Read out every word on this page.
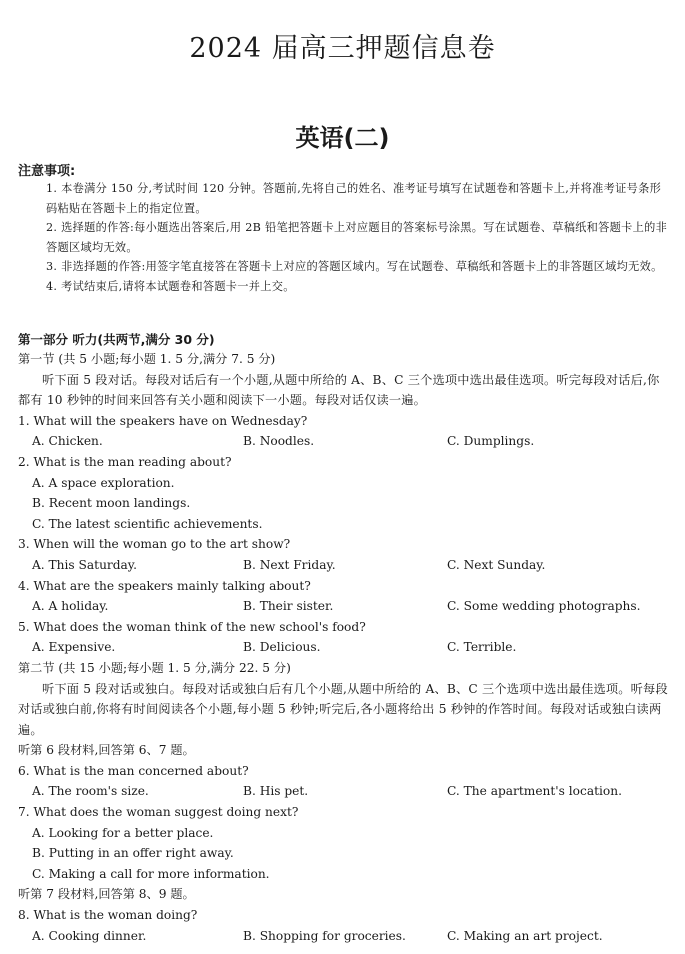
2024 届高三押题信息卷
英语(二)
注意事项:
1. 本卷满分 150 分,考试时间 120 分钟。答题前,先将自己的姓名、准考证号填写在试题卷和答题卡上,并将准考证号条形码粘贴在答题卡上的指定位置。
2. 选择题的作答:每小题选出答案后,用 2B 铅笔把答题卡上对应题目的答案标号涂黑。写在试题卷、草稿纸和答题卡上的非答题区域均无效。
3. 非选择题的作答:用签字笔直接答在答题卡上对应的答题区域内。写在试题卷、草稿纸和答题卡上的非答题区域均无效。
4. 考试结束后,请将本试题卷和答题卡一并上交。
第一部分 听力(共两节,满分 30 分)
第一节 (共 5 小题;每小题 1. 5 分,满分 7. 5 分)
听下面 5 段对话。每段对话后有一个小题,从题中所给的 A、B、C 三个选项中选出最佳选项。听完每段对话后,你都有 10 秒钟的时间来回答有关小题和阅读下一小题。每段对话仅读一遍。
1. What will the speakers have on Wednesday?
A. Chicken.	B. Noodles.	C. Dumplings.
2. What is the man reading about?
A. A space exploration.
B. Recent moon landings.
C. The latest scientific achievements.
3. When will the woman go to the art show?
A. This Saturday.	B. Next Friday.	C. Next Sunday.
4. What are the speakers mainly talking about?
A. A holiday.	B. Their sister.	C. Some wedding photographs.
5. What does the woman think of the new school's food?
A. Expensive.	B. Delicious.	C. Terrible.
第二节 (共 15 小题;每小题 1. 5 分,满分 22. 5 分)
听下面 5 段对话或独白。每段对话或独白后有几个小题,从题中所给的 A、B、C 三个选项中选出最佳选项。听每段对话或独白前,你将有时间阅读各个小题,每小题 5 秒钟;听完后,各小题将给出 5 秒钟的作答时间。每段对话或独白读两遍。
听第 6 段材料,回答第 6、7 题。
6. What is the man concerned about?
A. The room's size.	B. His pet.	C. The apartment's location.
7. What does the woman suggest doing next?
A. Looking for a better place.
B. Putting in an offer right away.
C. Making a call for more information.
听第 7 段材料,回答第 8、9 题。
8. What is the woman doing?
A. Cooking dinner.	B. Shopping for groceries.	C. Making an art project.
